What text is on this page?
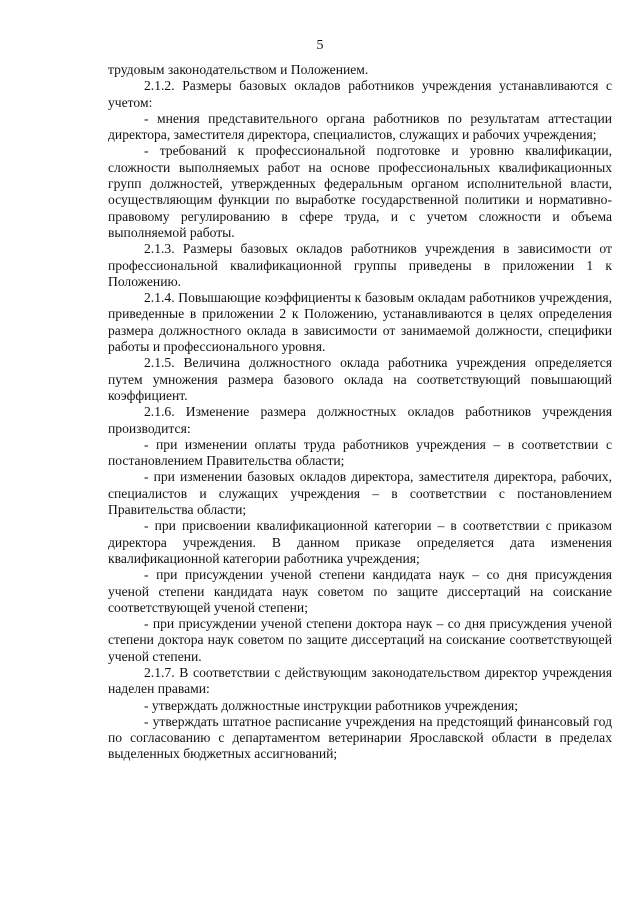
5

трудовым законодательством и Положением.

2.1.2. Размеры базовых окладов работников учреждения устанавливаются с учетом:

- мнения представительного органа работников по результатам аттестации директора, заместителя директора, специалистов, служащих и рабочих учреждения;

- требований к профессиональной подготовке и уровню квалификации, сложности выполняемых работ на основе профессиональных квалификационных групп должностей, утвержденных федеральным органом исполнительной власти, осуществляющим функции по выработке государственной политики и нормативно-правовому регулированию в сфере труда, и с учетом сложности и объема выполняемой работы.

2.1.3. Размеры базовых окладов работников учреждения в зависимости от профессиональной квалификационной группы приведены в приложении 1 к Положению.

2.1.4. Повышающие коэффициенты к базовым окладам работников учреждения, приведенные в приложении 2 к Положению, устанавливаются в целях определения размера должностного оклада в зависимости от занимаемой должности, специфики работы и профессионального уровня.

2.1.5. Величина должностного оклада работника учреждения определяется путем умножения размера базового оклада на соответствующий повышающий коэффициент.

2.1.6. Изменение размера должностных окладов работников учреждения производится:

- при изменении оплаты труда работников учреждения – в соответствии с постановлением Правительства области;

- при изменении базовых окладов директора, заместителя директора, рабочих, специалистов и служащих учреждения – в соответствии с постановлением Правительства области;

- при присвоении квалификационной категории – в соответствии с приказом директора учреждения. В данном приказе определяется дата изменения квалификационной категории работника учреждения;

- при присуждении ученой степени кандидата наук – со дня присуждения ученой степени кандидата наук советом по защите диссертаций на соискание соответствующей ученой степени;

- при присуждении ученой степени доктора наук – со дня присуждения ученой степени доктора наук советом по защите диссертаций на соискание соответствующей ученой степени.

2.1.7. В соответствии с действующим законодательством директор учреждения наделен правами:

- утверждать должностные инструкции работников учреждения;

- утверждать штатное расписание учреждения на предстоящий финансовый год по согласованию с департаментом ветеринарии Ярославской области в пределах выделенных бюджетных ассигнований;
